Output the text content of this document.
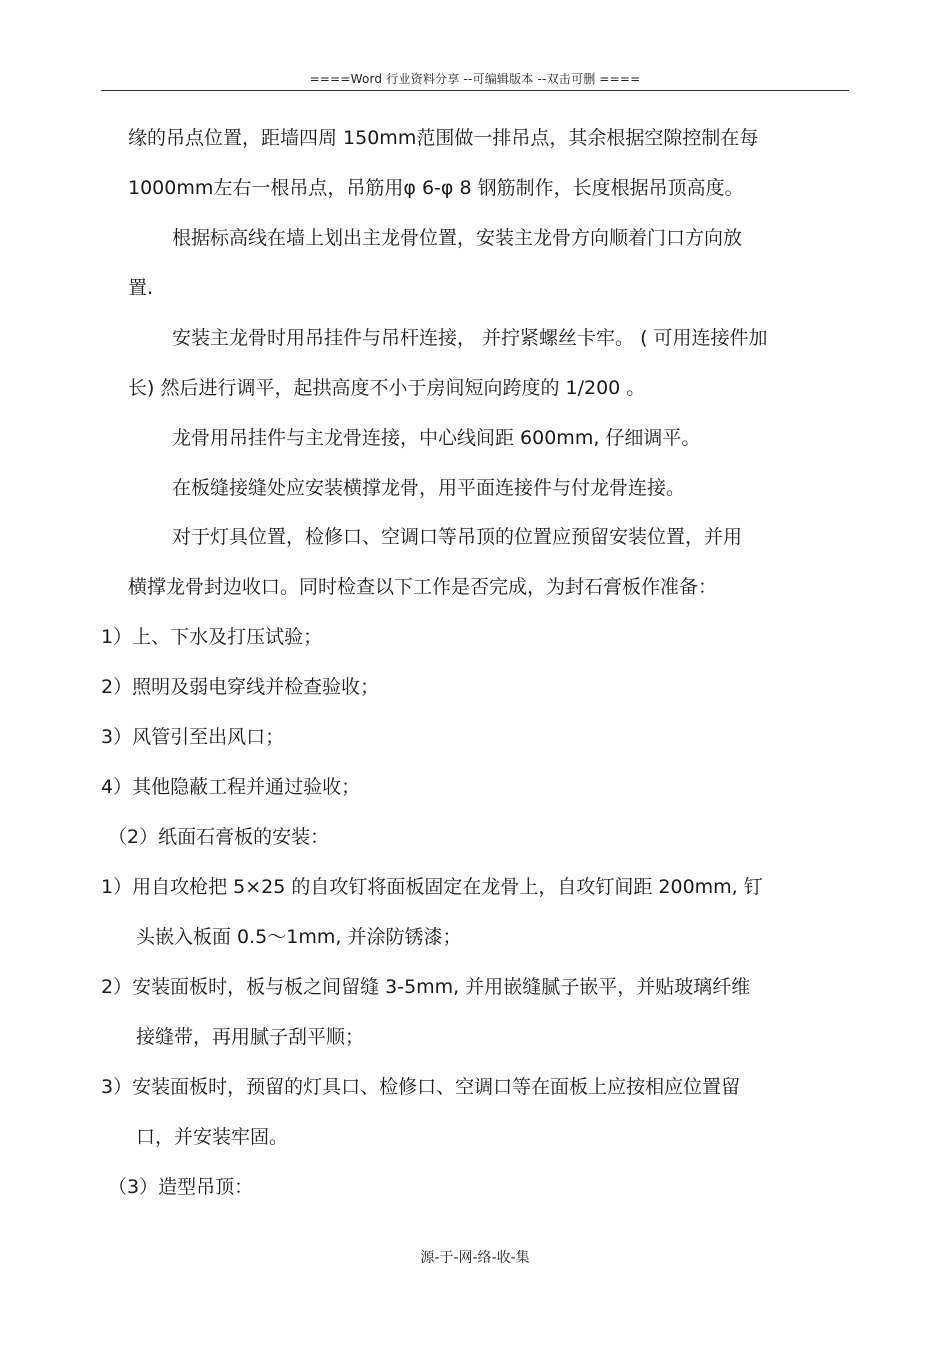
====Word 行业资料分享 --可编辑版本 --双击可删 ====
缘的吊点位置，距墙四周 150mm范围做一排吊点，其余根据空隙控制在每
1000mm左右一根吊点，吊筋用φ 6-φ 8 钢筋制作，长度根据吊顶高度。
根据标高线在墙上划出主龙骨位置，安装主龙骨方向顺着门口方向放
置.
安装主龙骨时用吊挂件与吊杆连接， 并拧紧螺丝卡牢。 ( 可用连接件加
长) 然后进行调平，起拱高度不小于房间短向跨度的 1/200 。
龙骨用吊挂件与主龙骨连接，中心线间距 600mm, 仔细调平。
在板缝接缝处应安装横撑龙骨，用平面连接件与付龙骨连接。
对于灯具位置，检修口、空调口等吊顶的位置应预留安装位置，并用
横撑龙骨封边收口。同时检查以下工作是否完成，为封石膏板作准备：
1）上、下水及打压试验；
2）照明及弱电穿线并检查验收；
3）风管引至出风口；
4）其他隐蔽工程并通过验收；
（2）纸面石膏板的安装：
1）用自攻枪把 5×25 的自攻钉将面板固定在龙骨上，自攻钉间距 200mm, 钉
头嵌入板面 0.5～1mm, 并涂防锈漆；
2）安装面板时，板与板之间留缝 3-5mm, 并用嵌缝腻子嵌平，并贴玻璃纤维
接缝带，再用腻子刮平顺；
3）安装面板时，预留的灯具口、检修口、空调口等在面板上应按相应位置留
口，并安装牢固。
（3）造型吊顶：
源-于-网-络-收-集
